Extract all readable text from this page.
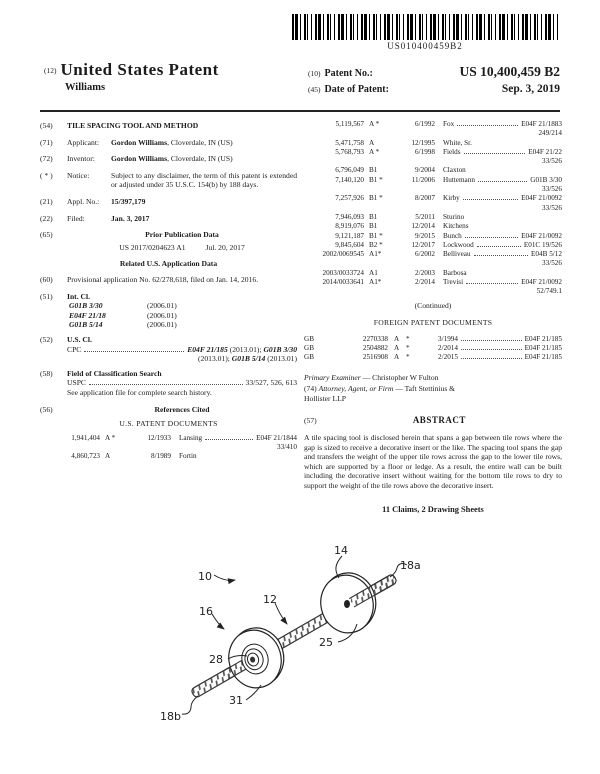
US010400459B2
(12) United States Patent
Williams
(10) Patent No.:	US 10,400,459 B2
(45) Date of Patent:	Sep. 3, 2019
(54)	TILE SPACING TOOL AND METHOD
(71)	Applicant: Gordon Williams, Cloverdale, IN (US)
(72)	Inventor: Gordon Williams, Cloverdale, IN (US)
( * )	Notice:	Subject to any disclaimer, the term of this patent is extended or adjusted under 35 U.S.C. 154(b) by 188 days.
(21)	Appl. No.: 15/397,179
(22)	Filed:	Jan. 3, 2017
(65)	Prior Publication Data
US 2017/0204623 A1	Jul. 20, 2017
Related U.S. Application Data
(60)	Provisional application No. 62/278,618, filed on Jan. 14, 2016.
(51)	Int. Cl.
G01B 3/30	(2006.01)
E04F 21/18	(2006.01)
G01B 5/14	(2006.01)
(52)	U.S. Cl.
CPC	E04F 21/185 (2013.01); G01B 3/30
(2013.01); G01B 5/14 (2013.01)
(58)	Field of Classification Search
USPC	33/527, 526, 613
See application file for complete search history.
(56)	References Cited
U.S. PATENT DOCUMENTS
1,941,404 A *	12/1933 Lansing	E04F 21/1844
33/410
4,860,723 A	8/1989 Fortin
5,119,567 A *	6/1992 Fox	E04F 21/1883
249/214
5,471,758 A	12/1995 White, Sr.
5,768,793 A *	6/1998 Fields	E04F 21/22
33/526
6,796,049 B1	9/2004 Claxton
7,140,120 B1 *	11/2006 Huttemann	G01B 3/30
33/526
7,257,926 B1 *	8/2007 Kirby	E04F 21/0092
33/526
7,946,093 B1	5/2011 Sturino
8,919,076 B1	12/2014 Kitchens
9,121,187 B1 *	9/2015 Bunch	E04F 21/0092
9,845,604 B2 *	12/2017 Lockwood	E01C 19/526
2002/0069545 A1*	6/2002 Belliveau	E04B 5/12
33/526
2003/0033724 A1	2/2003 Barbosa
2014/0033641 A1*	2/2014 Trevisi	E04F 21/0092
52/749.1
(Continued)
FOREIGN PATENT DOCUMENTS
GB	2270338 A *	3/1994	E04F 21/185
GB	2504882 A *	2/2014	E04F 21/185
GB	2516908 A *	2/2015	E04F 21/185
Primary Examiner — Christopher W Fulton
(74) Attorney, Agent, or Firm — Taft Stettinius &
Hollister LLP
(57)	ABSTRACT
A tile spacing tool is disclosed herein that spans a gap between tile rows where the gap is sized to receive a decorative insert or the like. The spacing tool spans the gap and transfers the weight of the upper tile rows across the gap to the lower tile rows, which are supported by a floor or ledge. As a result, the entire wall can be built including the decorative insert without waiting for the bottom tile rows to dry to support the weight of the tile rows above the decorative insert.
11 Claims, 2 Drawing Sheets
10
14
18a
12
16
25
28
31
18b
